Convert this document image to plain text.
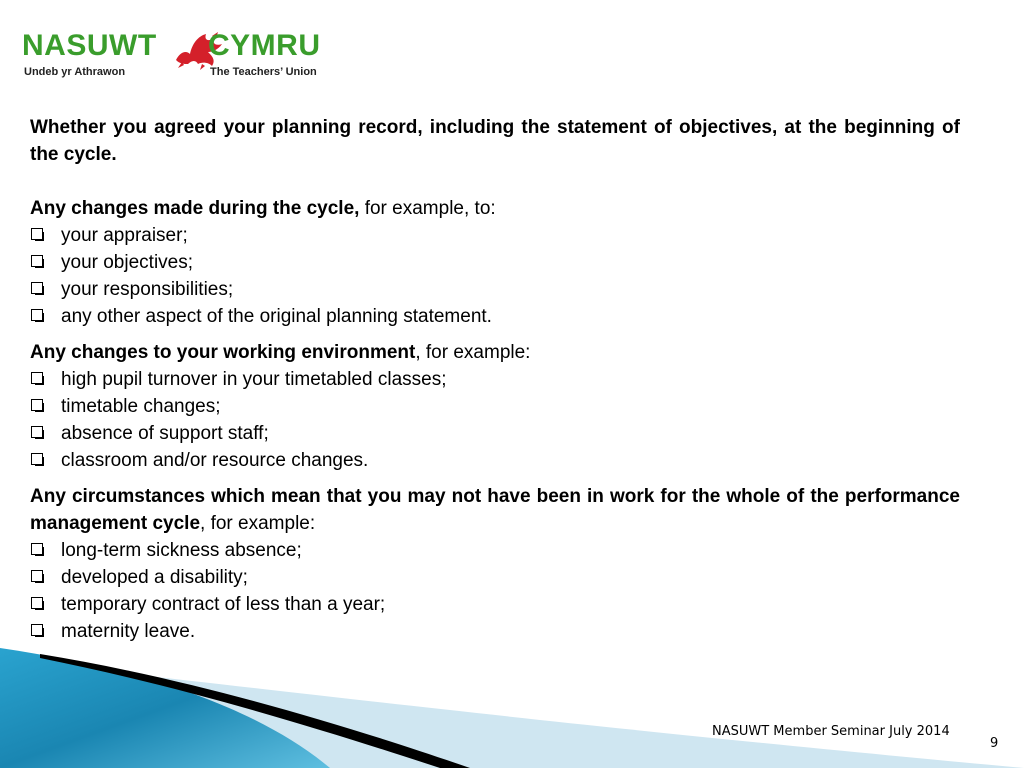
NASUWT
Undeb yr Athrawon
CYMRU
The Teachers’ Union

Whether you agreed your planning record, including the statement of objectives, at the beginning of the cycle.

Any changes made during the cycle, for example, to:

your appraiser;
your objectives;
your responsibilities;
any other aspect of the original planning statement.

Any changes to your working environment, for example:

high pupil turnover in your timetabled classes;
timetable changes;
absence of support staff;
classroom and/or resource changes.

Any circumstances which mean that you may not have been in work for the whole of the performance management cycle, for example:

long-term sickness absence;
developed a disability;
temporary contract of less than a year;
maternity leave.
NASUWT Member Seminar July 2014
9
